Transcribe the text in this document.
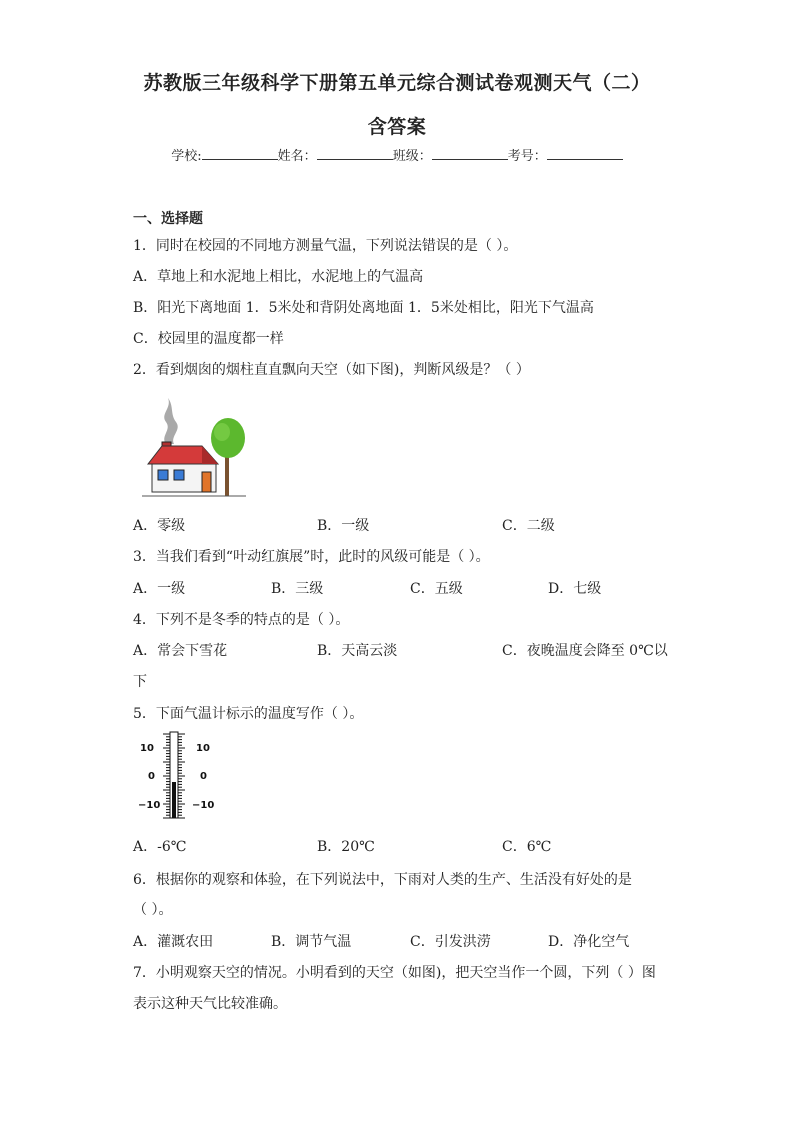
苏教版三年级科学下册第五单元综合测试卷观测天气（二）
含答案
学校:	姓名：	班级：	考号：
一、选择题
1．同时在校园的不同地方测量气温，下列说法错误的是（ ）。
A．草地上和水泥地上相比，水泥地上的气温高
B．阳光下离地面 1．5米处和背阴处离地面 1．5米处相比，阳光下气温高
C．校园里的温度都一样
2．看到烟囱的烟柱直直飘向天空（如下图)，判断风级是？（ ）
A．零级	B．一级	C．二级
3．当我们看到“叶动红旗展”时，此时的风级可能是（ ）。
A．一级	B．三级	C．五级	D．七级
4．下列不是冬季的特点的是（ ）。
A．常会下雪花	B．天高云淡	C．夜晚温度会降至 0℃以
下
5．下面气温计标示的温度写作（ ）。
10
0
−10
10
0
−10
A．-6℃	B．20℃	C．6℃
6．根据你的观察和体验，在下列说法中，下雨对人类的生产、生活没有好处的是
（ ）。
A．灌溉农田	B．调节气温	C．引发洪涝	D．净化空气
7．小明观察天空的情况。小明看到的天空（如图)，把天空当作一个圆，下列（ ）图
表示这种天气比较准确。
